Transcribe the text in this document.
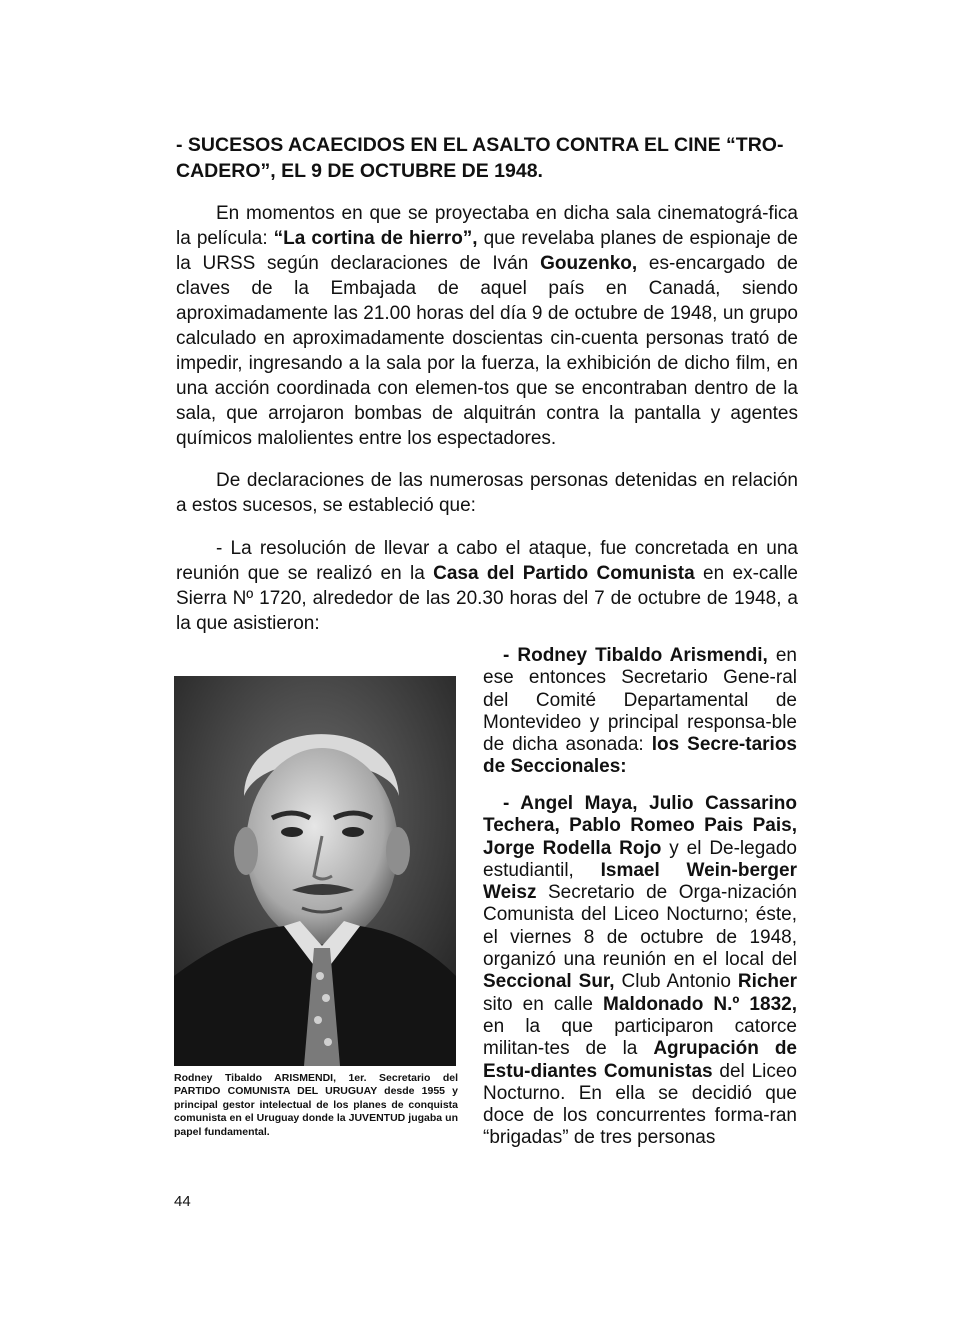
- SUCESOS ACAECIDOS EN EL ASALTO CONTRA EL CINE “TRO-CADERO”, EL 9 DE OCTUBRE DE 1948.

En momentos en que se proyectaba en dicha sala cinematográ-fica la película: “La cortina de hierro”, que revelaba planes de espionaje de la URSS según declaraciones de Iván Gouzenko, es-encargado de claves de la Embajada de aquel país en Canadá, siendo aproximadamente las 21.00 horas del día 9 de octubre de 1948, un grupo calculado en aproximadamente doscientas cin-cuenta personas trató de impedir, ingresando a la sala por la fuerza, la exhibición de dicho film, en una acción coordinada con elemen-tos que se encontraban dentro de la sala, que arrojaron bombas de alquitrán contra la pantalla y agentes químicos malolientes entre los espectadores.

De declaraciones de las numerosas personas detenidas en relación a estos sucesos, se estableció que:

- La resolución de llevar a cabo el ataque, fue concretada en una reunión que se realizó en la Casa del Partido Comunista en ex-calle Sierra Nº 1720, alrededor de las 20.30 horas del 7 de octubre de 1948, a la que asistieron:

- Rodney Tibaldo Arismendi, en ese entonces Secretario Gene-ral del Comité Departamental de Montevideo y principal responsa-ble de dicha asonada: los Secre-tarios de Seccionales:

- Angel Maya, Julio Cassarino Techera, Pablo Romeo Pais Pais, Jorge Rodella Rojo y el De-legado estudiantil, Ismael Wein-berger Weisz Secretario de Orga-nización Comunista del Liceo Nocturno; éste, el viernes 8 de octubre de 1948, organizó una reunión en el local del Seccional Sur, Club Antonio Richer sito en calle Maldonado N.º 1832, en la que participaron catorce militan-tes de la Agrupación de Estu-diantes Comunistas del Liceo Nocturno. En ella se decidió que doce de los concurrentes forma-ran “brigadas” de tres personas

Rodney Tibaldo ARISMENDI, 1er. Secretario del PARTIDO COMUNISTA DEL URUGUAY desde 1955 y principal gestor intelectual de los planes de conquista comunista en el Uruguay donde la JUVENTUD jugaba un papel fundamental.

44
